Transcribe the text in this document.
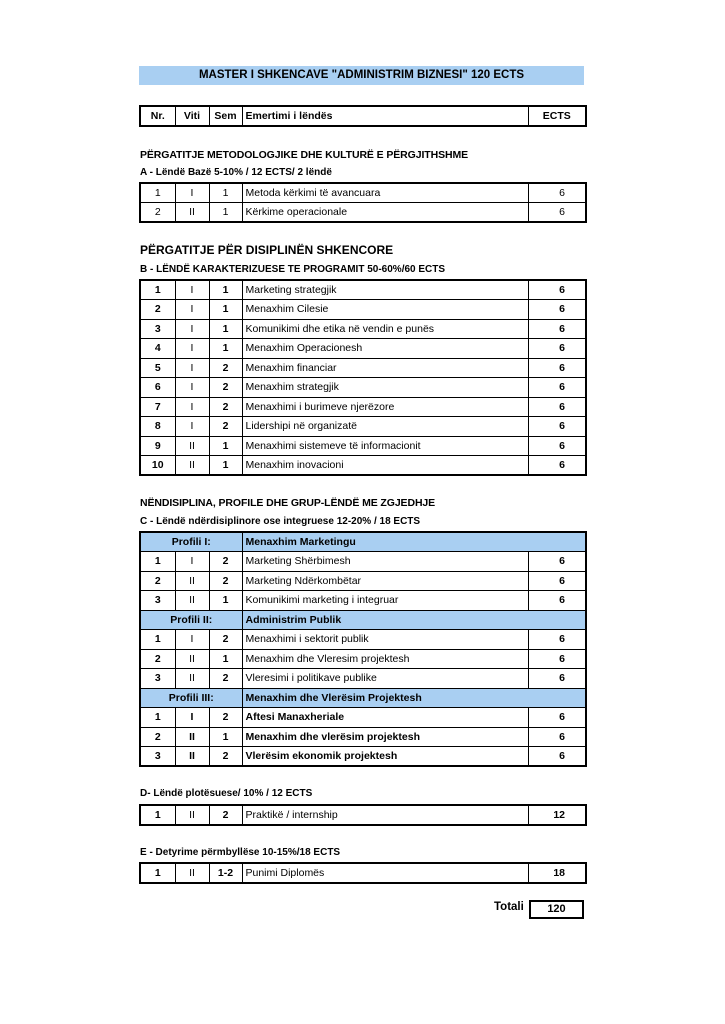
MASTER I SHKENCAVE "ADMINISTRIM BIZNESI" 120 ECTS
Nr.	Viti	Sem	Emertimi i lëndës	ECTS
PËRGATITJE METODOLOGJIKE DHE KULTURË E PËRGJITHSHME
A - Lëndë Bazë 5-10% / 12 ECTS/ 2 lëndë
1	I	1	Metoda kërkimi të avancuara	6
2	II	1	Kërkime operacionale	6
PËRGATITJE PËR DISIPLINËN SHKENCORE
B - LËNDË KARAKTERIZUESE TE PROGRAMIT 50-60%/60 ECTS
1	I	1	Marketing strategjik	6
2	I	1	Menaxhim Cilesie	6
3	I	1	Komunikimi dhe etika në vendin e punës	6
4	I	1	Menaxhim Operacionesh	6
5	I	2	Menaxhim financiar	6
6	I	2	Menaxhim strategjik	6
7	I	2	Menaxhimi i burimeve njerëzore	6
8	I	2	Lidershipi në organizatë	6
9	II	1	Menaxhimi sistemeve të informacionit	6
10	II	1	Menaxhim inovacioni	6
NËNDISIPLINA, PROFILE DHE GRUP-LËNDË ME ZGJEDHJE
C - Lëndë ndërdisiplinore ose integruese 12-20% / 18 ECTS
Profili I:			Menaxhim Marketingu	
1	I	2	Marketing Shërbimesh	6
2	II	2	Marketing Ndërkombëtar	6
3	II	1	Komunikimi marketing i integruar	6
Profili II:			Administrim Publik	
1	I	2	Menaxhimi i sektorit publik	6
2	II	1	Menaxhim dhe Vleresim projektesh	6
3	II	2	Vleresimi i politikave publike	6
Profili III:			Menaxhim dhe Vlerësim Projektesh	
1	I	2	Aftesi Manaxheriale	6
2	II	1	Menaxhim dhe vlerësim projektesh	6
3	II	2	Vlerësim ekonomik projektesh	6
D- Lëndë plotësuese/ 10% / 12 ECTS
1	II	2	Praktikë / internship	12
E - Detyrime përmbyllëse 10-15%/18 ECTS
1	II	1-2	Punimi Diplomës	18
Totali	120
